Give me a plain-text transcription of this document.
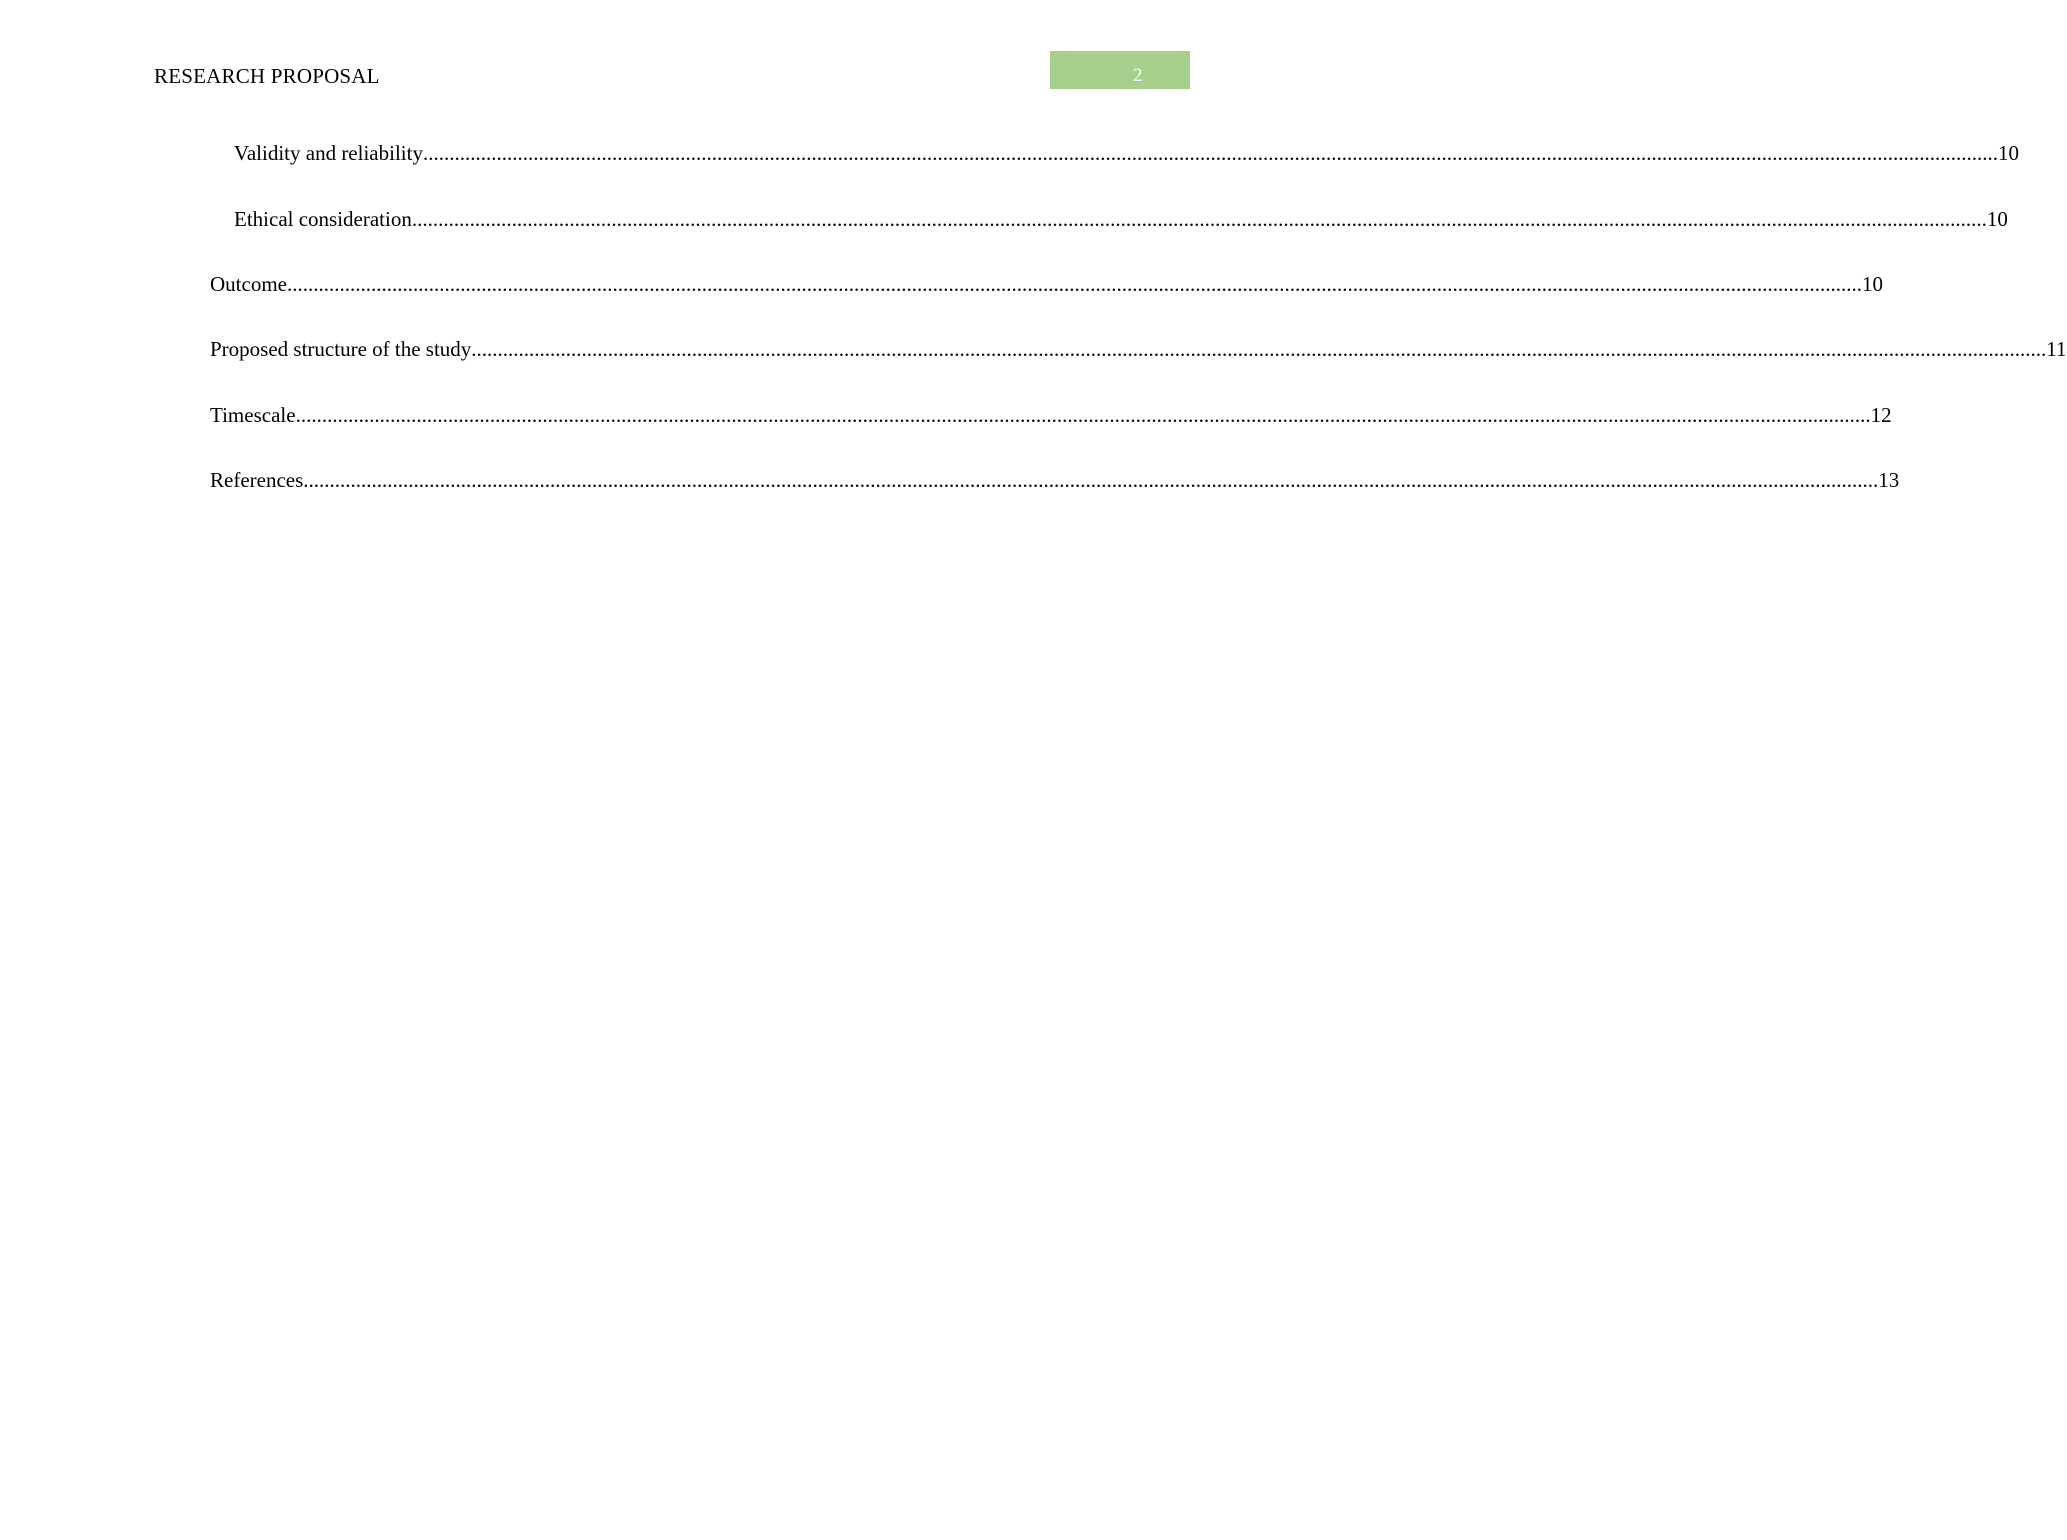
RESEARCH PROPOSAL	2
Validity and reliability ............................................................................................................................................................................................................................................................................................................ 10
Ethical consideration ............................................................................................................................................................................................................................................................................................................ 10
Outcome ............................................................................................................................................................................................................................................................................................................ 10
Proposed structure of the study ............................................................................................................................................................................................................................................................................................................ 11
Timescale ............................................................................................................................................................................................................................................................................................................ 12
References ............................................................................................................................................................................................................................................................................................................ 13
